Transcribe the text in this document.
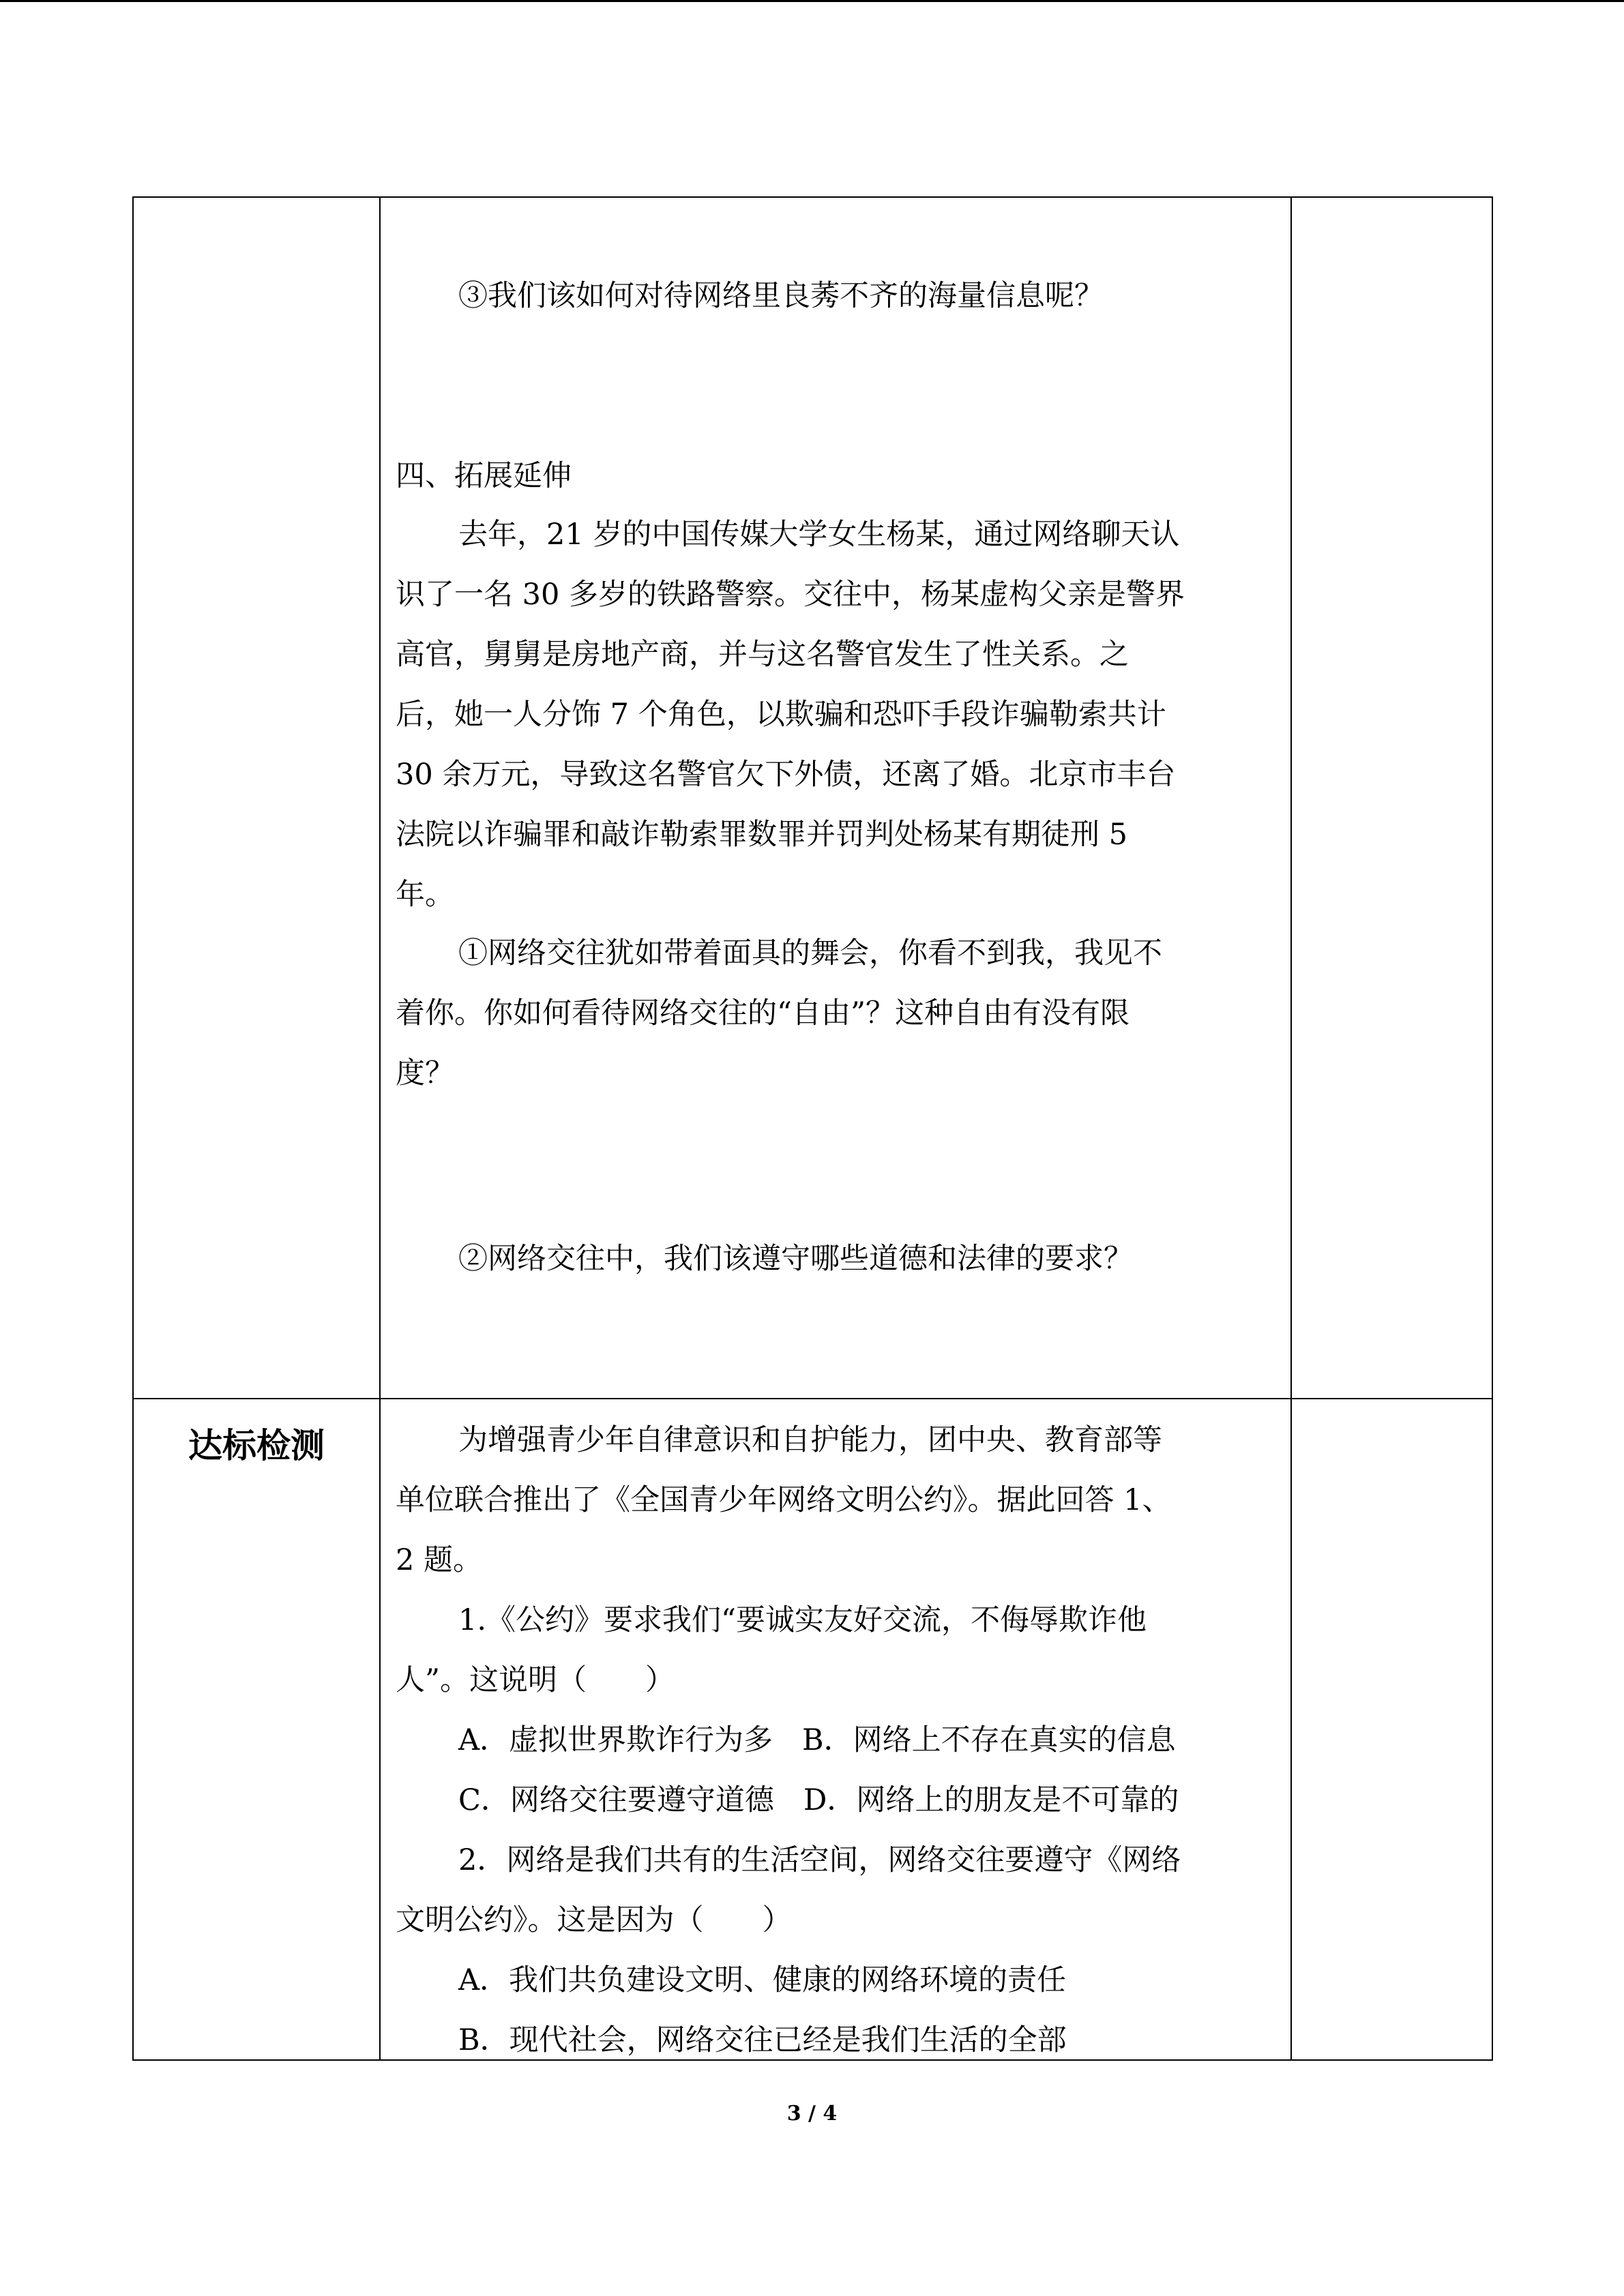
达标检测
③我们该如何对待网络里良莠不齐的海量信息呢？
四、拓展延伸
去年，21 岁的中国传媒大学女生杨某，通过网络聊天认
识了一名 30 多岁的铁路警察。交往中，杨某虚构父亲是警界
高官，舅舅是房地产商，并与这名警官发生了性关系。之
后，她一人分饰 7 个角色，以欺骗和恐吓手段诈骗勒索共计
30 余万元，导致这名警官欠下外债，还离了婚。北京市丰台
法院以诈骗罪和敲诈勒索罪数罪并罚判处杨某有期徒刑 5
年。
①网络交往犹如带着面具的舞会，你看不到我，我见不
着你。你如何看待网络交往的“自由”？这种自由有没有限
度？
②网络交往中，我们该遵守哪些道德和法律的要求？
为增强青少年自律意识和自护能力，团中央、教育部等
单位联合推出了《全国青少年网络文明公约》。据此回答 1、
2 题。
1.《公约》要求我们“要诚实友好交流，不侮辱欺诈他
人”。这说明（　　）
A．虚拟世界欺诈行为多　B．网络上不存在真实的信息
C．网络交往要遵守道德　D．网络上的朋友是不可靠的
2．网络是我们共有的生活空间，网络交往要遵守《网络
文明公约》。这是因为（　　）
A．我们共负建设文明、健康的网络环境的责任
B．现代社会，网络交往已经是我们生活的全部
3 / 4
